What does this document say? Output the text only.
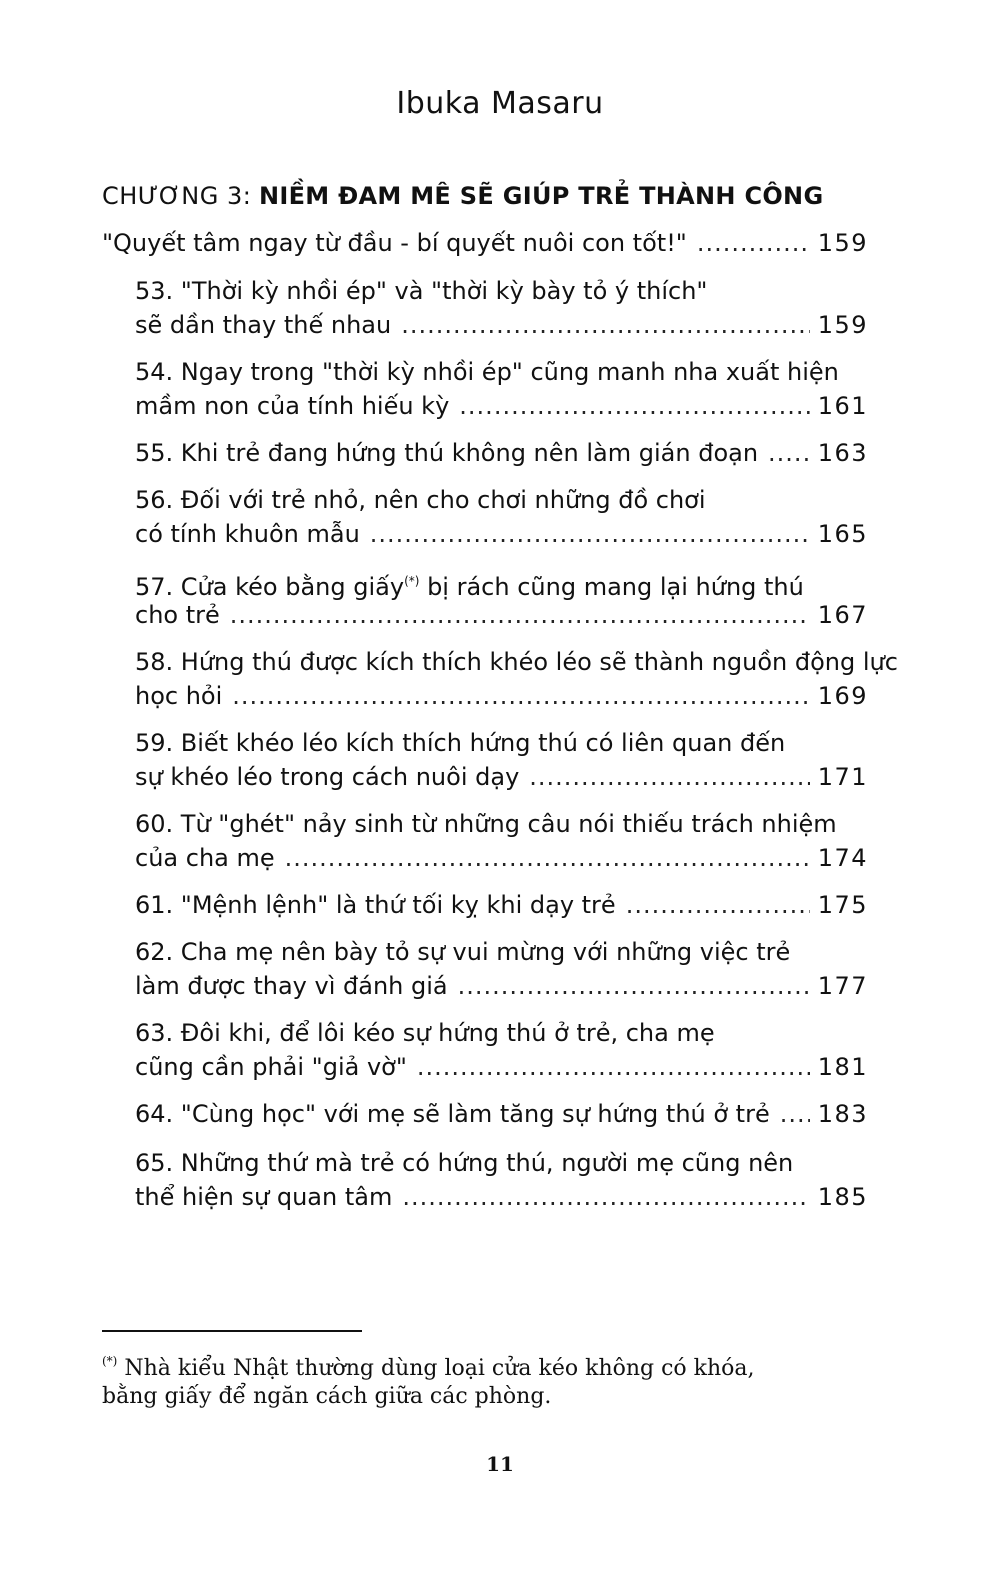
Ibuka Masaru
CHƯƠNG 3: NIỀM ĐAM MÊ SẼ GIÚP TRẺ THÀNH CÔNG
"Quyết tâm ngay từ đầu - bí quyết nuôi con tốt!" .....	159
53. "Thời kỳ nhồi ép" và "thời kỳ bày tỏ ý thích"
sẽ dần thay thế nhau .....	159
54. Ngay trong "thời kỳ nhồi ép" cũng manh nha xuất hiện
mầm non của tính hiếu kỳ .....	161
55. Khi trẻ đang hứng thú không nên làm gián đoạn ..... 163
56. Đối với trẻ nhỏ, nên cho chơi những đồ chơi
có tính khuôn mẫu .....	165
57. Cửa kéo bằng giấy(*) bị rách cũng mang lại hứng thú
cho trẻ .....	167
58. Hứng thú được kích thích khéo léo sẽ thành nguồn động lực
học hỏi .....	169
59. Biết khéo léo kích thích hứng thú có liên quan đến
sự khéo léo trong cách nuôi dạy .....	171
60. Từ "ghét" nảy sinh từ những câu nói thiếu trách nhiệm
của cha mẹ .....	174
61. "Mệnh lệnh" là thứ tối kỵ khi dạy trẻ .....	175
62. Cha mẹ nên bày tỏ sự vui mừng với những việc trẻ
làm được thay vì đánh giá .....	177
63. Đôi khi, để lôi kéo sự hứng thú ở trẻ, cha mẹ
cũng cần phải "giả vờ" .....	181
64. "Cùng học" với mẹ sẽ làm tăng sự hứng thú ở trẻ ..... 183
65. Những thứ mà trẻ có hứng thú, người mẹ cũng nên
thể hiện sự quan tâm .....	185
(*) Nhà kiểu Nhật thường dùng loại cửa kéo không có khóa,
bằng giấy để ngăn cách giữa các phòng.
11
